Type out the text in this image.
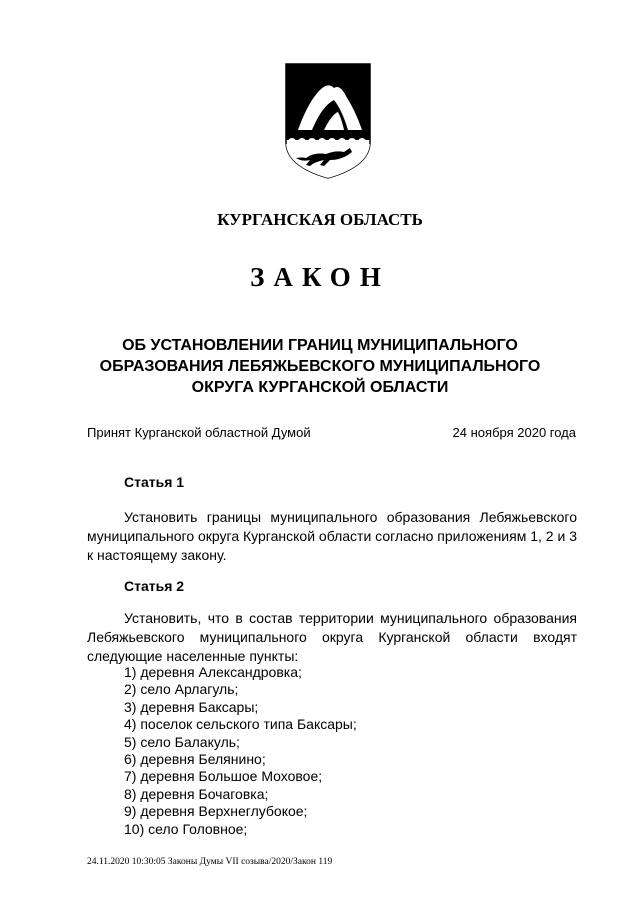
КУРГАНСКАЯ ОБЛАСТЬ
ЗАКОН
ОБ УСТАНОВЛЕНИИ ГРАНИЦ МУНИЦИПАЛЬНОГО ОБРАЗОВАНИЯ ЛЕБЯЖЬЕВСКОГО МУНИЦИПАЛЬНОГО ОКРУГА КУРГАНСКОЙ ОБЛАСТИ
Принят Курганской областной Думой	24 ноября 2020 года
Статья 1
Установить границы муниципального образования Лебяжьевского муниципального округа Курганской области согласно приложениям 1, 2 и 3 к настоящему закону.
Статья 2
Установить, что в состав территории муниципального образования Лебяжьевского муниципального округа Курганской области входят следующие населенные пункты:
1) деревня Александровка;
2) село Арлагуль;
3) деревня Баксары;
4) поселок сельского типа Баксары;
5) село Балакуль;
6) деревня Белянино;
7) деревня Большое Моховое;
8) деревня Бочаговка;
9) деревня Верхнеглубокое;
10) село Головное;
24.11.2020 10:30:05 Законы Думы VII созыва/2020/Закон 119
